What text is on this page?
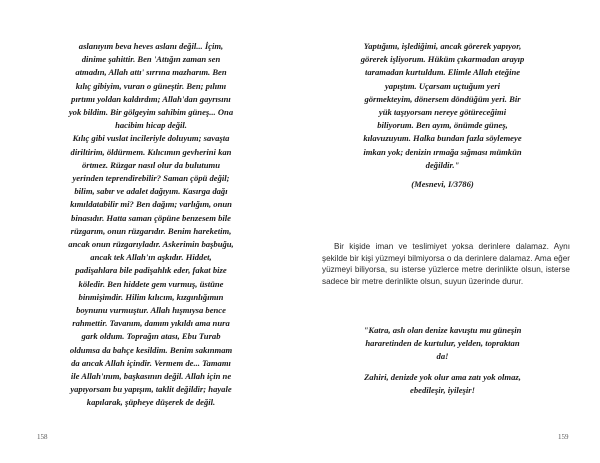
aslanıyım beva heves aslanı değil... İçim,
dinime şahittir. Ben 'Attığın zaman sen
atmadın, Allah attı' sırrına mazharım. Ben
kılıç gibiyim, vuran o güneştir. Ben; pılımı
pırtımı yoldan kaldırdım; Allah'dan gayrısını
yok bildim. Bir gölgeyim sahibim güneş... Ona
hacibim hicap değil.
Kılıç gibi vuslat incileriyle doluyum; savaşta
diriltirim, öldürmem. Kılıcımın gevherini kan
örtmez. Rüzgar nasıl olur da bulutumu
yerinden teprendirebilir? Saman çöpü değil;
bilim, sabır ve adalet dağıyım. Kasırga dağı
kımıldatabilir mi? Ben dağım; varlığım, onun
binasıdır. Hatta saman çöpüne benzesem bile
rüzgarım, onun rüzgarıdır. Benim hareketim,
ancak onun rüzgarıyladır. Askerimin başbuğu,
ancak tek Allah'ın aşkıdır. Hiddet,
padişahlara bile padişahlık eder, fakat bize
köledir. Ben hiddete gem vurmuş, üstüne
binmişimdir. Hilim kılıcım, kızgınlığımın
boynunu vurmuştur. Allah hışmıysa bence
rahmettir. Tavanım, damım yıkıldı ama nura
gark oldum. Toprağın atası, Ebu Turab
oldumsa da bahçe kesildim. Benim sakınmam
da ancak Allah içindir. Vermem de... Tamamı
ile Allah'ınım, başkasının değil. Allah için ne
yapıyorsam bu yapışım, taklit değildir; hayale
kapılarak, şüpheye düşerek de değil.
158
Yaptığımı, işlediğimi, ancak görerek yapıyor,
görerek işliyorum. Hüküm çıkarmadan arayıp
taramadan kurtuldum. Elimle Allah eteğine
yapıştım. Uçarsam uçtuğum yeri
görmekteyim, dönersem döndüğüm yeri. Bir
yük taşıyorsam nereye götüreceğimi
biliyorum. Ben ayım, önümde güneş,
kılavuzuyum. Halka bundan fazla söylemeye
imkan yok; denizin ırmağa sığması mümkün
değildir."
(Mesnevi, I/3786)

Bir kişide iman ve teslimiyet yoksa derinlere dalamaz. Aynı şekilde bir kişi yüzmeyi bilmiyorsa o da derinlere dalamaz. Ama eğer yüzmeyi biliyorsa, su isterse yüzlerce metre derinlikte olsun, isterse sadece bir metre derinlikte olsun, suyun üzerinde durur.

"Katra, aslı olan denize kavuştu mu güneşin
hararetinden de kurtulur, yelden, topraktan
da!
Zahiri, denizde yok olur ama zatı yok olmaz,
ebedileşir, iyileşir!
159
